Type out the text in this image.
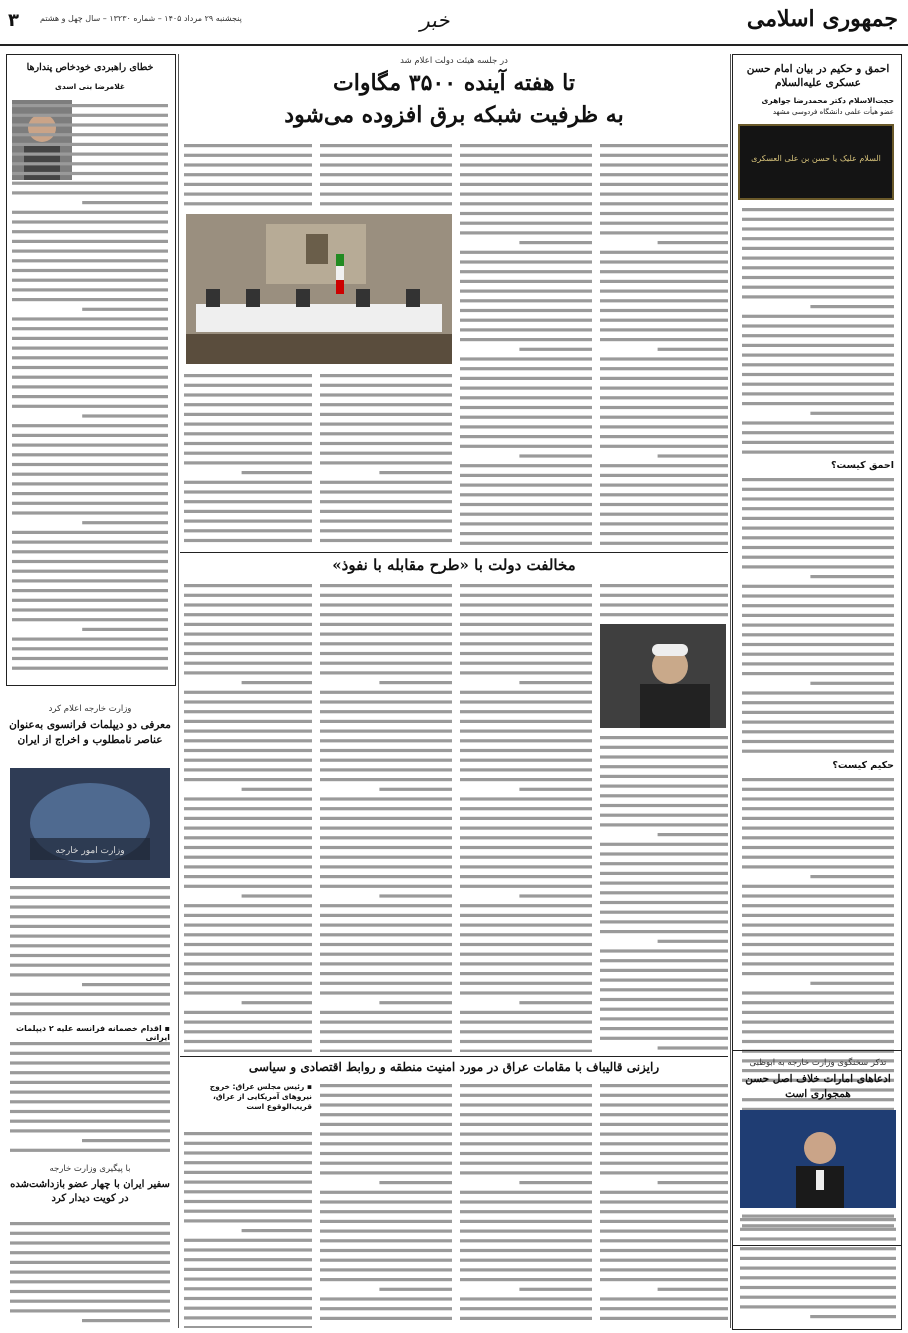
جمهوری اسلامی
خبر
پنجشنبه ۲۹ مرداد ۱۴۰۵ – شماره ۱۳۲۳۰ – سال چهل و هشتم
۳
احمق و حکیم در بیان امام حسن عسکری علیه‌السلام
حجت‌الاسلام دکتر محمدرضا جواهری
عضو هیأت علمی دانشگاه فردوسی مشهد
السلام علیک یا حسن بن علی العسکری
احمق کیست؟
حکیم کیست؟
در جلسه هیئت دولت اعلام شد
تا هفته آینده ۳۵۰۰ مگاوات
به ظرفیت شبکه برق افزوده می‌شود
مخالفت دولت با «طرح مقابله با نفوذ»
خطای راهبردی خودخاص پندارها
غلامرضا بنی اسدی
وزارت خارجه اعلام کرد
معرفی دو دیپلمات فرانسوی به‌عنوان عناصر نامطلوب و اخراج از ایران
وزارت امور خارجه
▪ اقدام خصمانه فرانسه علیه ۲ دیپلمات ایرانی
با پیگیری وزارت خارجه
سفیر ایران با چهار عضو بازداشت‌شده در کویت دیدار کرد
رایزنی قالیباف با مقامات عراق در مورد امنیت منطقه و روابط اقتصادی و سیاسی
▪ رئیس مجلس عراق: خروج نیروهای آمریکایی از عراق، قریب‌الوقوع است
تذکر سخنگوی وزارت خارجه به ابوظبی
ادعاهای امارات خلاف اصل حسن همجواری است
